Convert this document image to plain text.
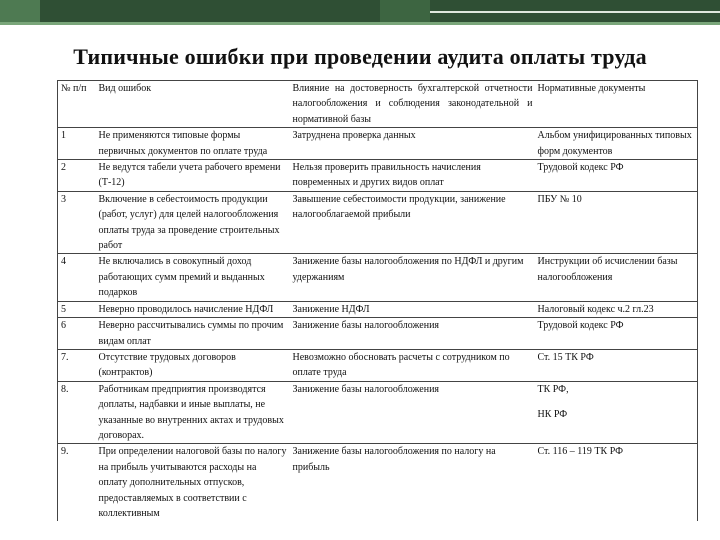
Типичные ошибки при проведении аудита оплаты труда
№ п/п	Вид ошибок	Влияние на достоверность бухгалтерской отчетности налогообложения и соблюдения законодательной и нормативной базы	Нормативные документы
1	Не применяются типовые формы первичных документов по оплате труда	Затруднена проверка данных	Альбом унифицированных типовых форм документов
2	Не ведутся табели учета рабочего времени (Т-12)	Нельзя проверить правильность начисления повременных и других видов оплат	Трудовой кодекс РФ
3	Включение в себестоимость продукции (работ, услуг) для целей налогообложения оплаты труда за проведение строительных работ	Завышение себестоимости продукции, занижение налогооблагаемой прибыли	ПБУ № 10
4	Не включались в совокупный доход работающих сумм премий и выданных подарков	Занижение базы налогообложения по НДФЛ и другим удержаниям	Инструкции об исчислении базы налогообложения
5	Неверно проводилось начисление НДФЛ	Занижение НДФЛ	Налоговый кодекс ч.2 гл.23
6	Неверно рассчитывались суммы по прочим видам оплат	Занижение базы налогообложения	Трудовой кодекс РФ
7.	Отсутствие трудовых договоров (контрактов)	Невозможно обосновать расчеты с сотрудником по оплате труда	Ст. 15 ТК РФ
8.	Работникам предприятия производятся доплаты, надбавки и иные выплаты, не указанные во внутренних актах и трудовых договорах.	Занижение базы налогообложения	ТК РФ,
НК РФ

9.	При определении налоговой базы по налогу на прибыль учитываются расходы на оплату дополнительных отпусков, предоставляемых в соответствии с коллективным	Занижение базы налогообложения по налогу на прибыль	Ст. 116 – 119 ТК РФ
